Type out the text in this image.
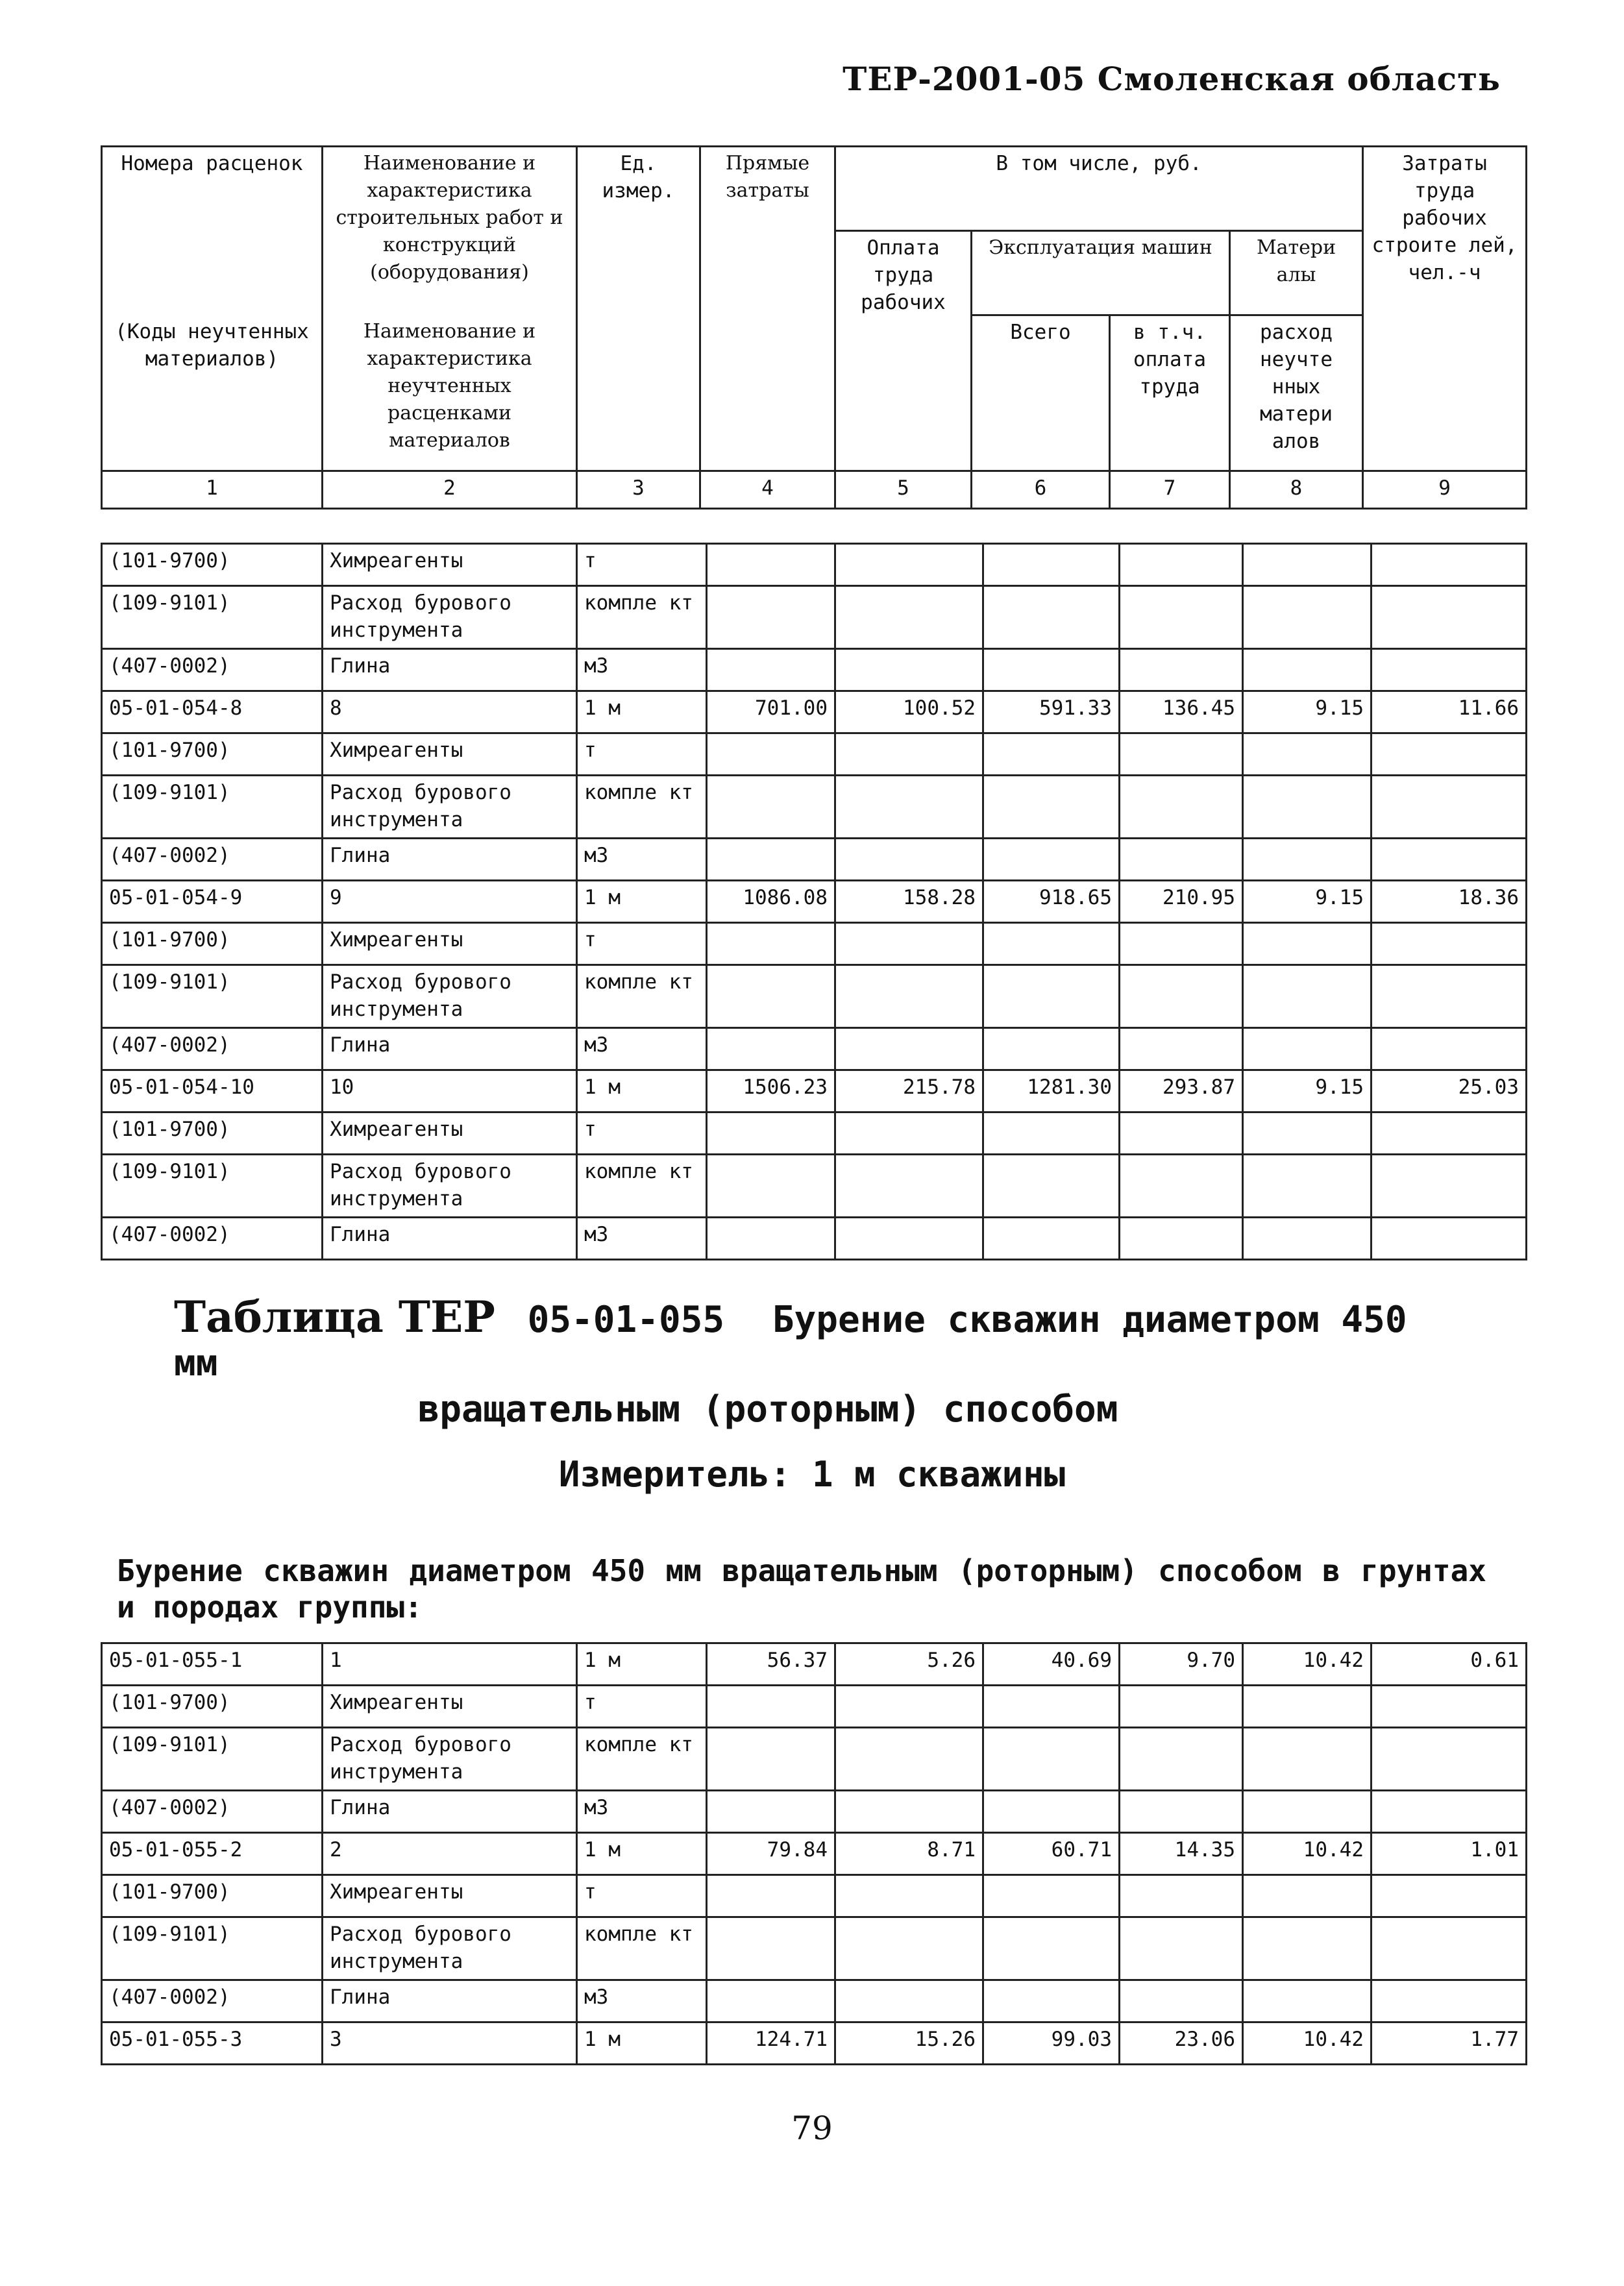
ТЕР-2001-05 Смоленская область
Номера расценок	Наименование и характеристика строительных работ и конструкций (оборудования)	Ед. измер.	Прямые затраты	В том числе, руб.				Затраты труда рабочих строите лей, чел.-ч
				Оплата труда рабочих	Эксплуатация машин		Матери алы	
(Коды неучтенных материалов)	Наименование и характеристика неучтенных расценками материалов				Всего	в т.ч. оплата труда	расход неучте нных матери алов	

1	2	3	4	5	6	7	8	9
(101-9700)	Химреагенты	т						
(109-9101)	Расход бурового инструмента	компле кт						
(407-0002)	Глина	м3						
05-01-054-8	8	1 м	701.00	100.52	591.33	136.45	9.15	11.66
(101-9700)	Химреагенты	т						
(109-9101)	Расход бурового инструмента	компле кт						
(407-0002)	Глина	м3						
05-01-054-9	9	1 м	1086.08	158.28	918.65	210.95	9.15	18.36
(101-9700)	Химреагенты	т						
(109-9101)	Расход бурового инструмента	компле кт						
(407-0002)	Глина	м3						
05-01-054-10	10	1 м	1506.23	215.78	1281.30	293.87	9.15	25.03
(101-9700)	Химреагенты	т						
(109-9101)	Расход бурового инструмента	компле кт						
(407-0002)	Глина	м3						
Таблица ТЕР 05-01-055 Бурение скважин диаметром 450 мм
вращательным (роторным) способом
Измеритель: 1 м скважины
Бурение скважин диаметром 450 мм вращательным (роторным) способом в грунтах и породах группы:
05-01-055-1	1	1 м	56.37	5.26	40.69	9.70	10.42	0.61
(101-9700)	Химреагенты	т						
(109-9101)	Расход бурового инструмента	компле кт						
(407-0002)	Глина	м3						
05-01-055-2	2	1 м	79.84	8.71	60.71	14.35	10.42	1.01
(101-9700)	Химреагенты	т						
(109-9101)	Расход бурового инструмента	компле кт						
(407-0002)	Глина	м3						
05-01-055-3	3	1 м	124.71	15.26	99.03	23.06	10.42	1.77
79
